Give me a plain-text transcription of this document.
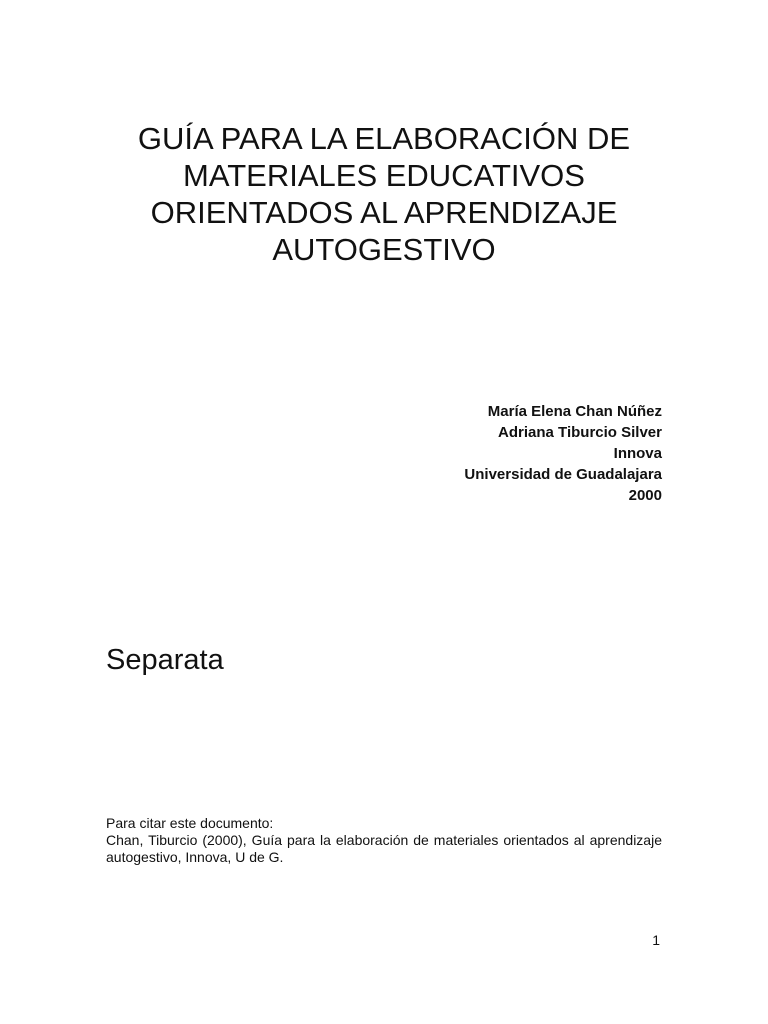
GUÍA PARA LA ELABORACIÓN DE
MATERIALES EDUCATIVOS
ORIENTADOS AL APRENDIZAJE
AUTOGESTIVO
María Elena Chan Núñez
Adriana Tiburcio Silver
Innova
Universidad de Guadalajara
2000
Separata
Para citar este documento:
Chan, Tiburcio (2000), Guía para la elaboración de materiales orientados al aprendizaje autogestivo, Innova, U de G.
1
